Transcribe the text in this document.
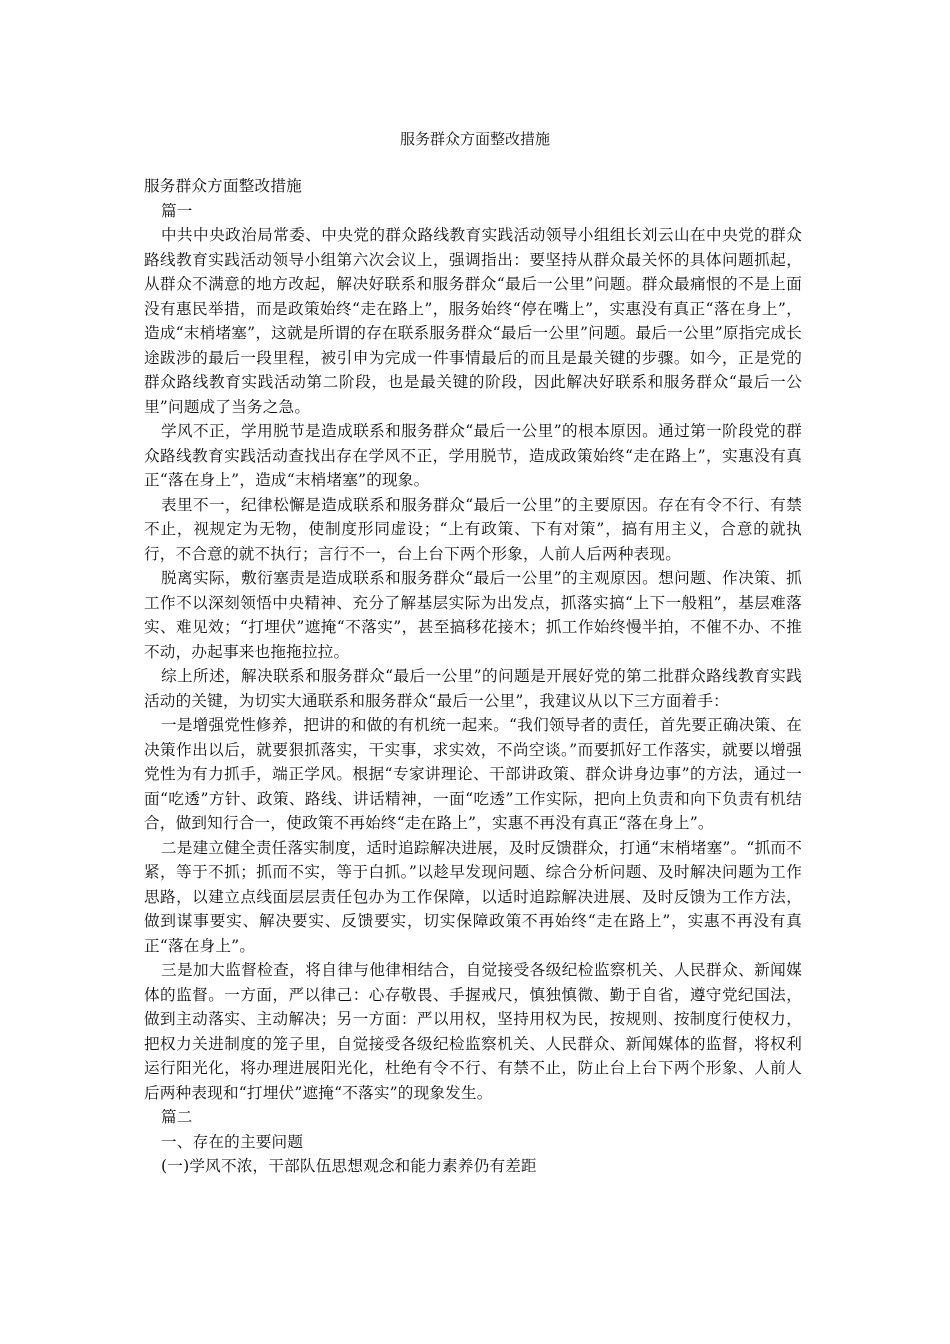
服务群众方面整改措施

服务群众方面整改措施

篇一

中共中央政治局常委、中央党的群众路线教育实践活动领导小组组长刘云山在中央党的群众路线教育实践活动领导小组第六次会议上，强调指出：要坚持从群众最关怀的具体问题抓起，从群众不满意的地方改起，解决好联系和服务群众“最后一公里”问题。群众最痛恨的不是上面没有惠民举措，而是政策始终“走在路上”，服务始终“停在嘴上”，实惠没有真正“落在身上”，造成“末梢堵塞”，这就是所谓的存在联系服务群众“最后一公里”问题。最后一公里”原指完成长途跋涉的最后一段里程，被引申为完成一件事情最后的而且是最关键的步骤。如今，正是党的群众路线教育实践活动第二阶段，也是最关键的阶段，因此解决好联系和服务群众“最后一公里”问题成了当务之急。

学风不正，学用脱节是造成联系和服务群众“最后一公里”的根本原因。通过第一阶段党的群众路线教育实践活动查找出存在学风不正，学用脱节，造成政策始终“走在路上”，实惠没有真正“落在身上”，造成“末梢堵塞”的现象。

表里不一，纪律松懈是造成联系和服务群众“最后一公里”的主要原因。存在有令不行、有禁不止，视规定为无物，使制度形同虚设；“上有政策、下有对策”，搞有用主义，合意的就执行，不合意的就不执行；言行不一，台上台下两个形象，人前人后两种表现。

脱离实际，敷衍塞责是造成联系和服务群众“最后一公里”的主观原因。想问题、作决策、抓工作不以深刻领悟中央精神、充分了解基层实际为出发点，抓落实搞“上下一般粗”，基层难落实、难见效；“打埋伏”遮掩“不落实”，甚至搞移花接木；抓工作始终慢半拍，不催不办、不推不动，办起事来也拖拖拉拉。

综上所述，解决联系和服务群众“最后一公里”的问题是开展好党的第二批群众路线教育实践活动的关键，为切实大通联系和服务群众“最后一公里”，我建议从以下三方面着手：

一是增强党性修养，把讲的和做的有机统一起来。“我们领导者的责任，首先要正确决策、在决策作出以后，就要狠抓落实，干实事，求实效，不尚空谈。”而要抓好工作落实，就要以增强党性为有力抓手，端正学风。根据“专家讲理论、干部讲政策、群众讲身边事”的方法，通过一面“吃透”方针、政策、路线、讲话精神，一面“吃透”工作实际，把向上负责和向下负责有机结合，做到知行合一，使政策不再始终“走在路上”，实惠不再没有真正“落在身上”。

二是建立健全责任落实制度，适时追踪解决进展，及时反馈群众，打通“末梢堵塞”。“抓而不紧，等于不抓；抓而不实，等于白抓。”以趁早发现问题、综合分析问题、及时解决问题为工作思路，以建立点线面层层责任包办为工作保障，以适时追踪解决进展、及时反馈为工作方法，做到谋事要实、解决要实、反馈要实，切实保障政策不再始终“走在路上”，实惠不再没有真正“落在身上”。

三是加大监督检查，将自律与他律相结合，自觉接受各级纪检监察机关、人民群众、新闻媒体的监督。一方面，严以律己：心存敬畏、手握戒尺，慎独慎微、勤于自省，遵守党纪国法，做到主动落实、主动解决；另一方面：严以用权，坚持用权为民，按规则、按制度行使权力，把权力关进制度的笼子里，自觉接受各级纪检监察机关、人民群众、新闻媒体的监督，将权利运行阳光化，将办理进展阳光化，杜绝有令不行、有禁不止，防止台上台下两个形象、人前人后两种表现和“打埋伏”遮掩“不落实”的现象发生。

篇二

一、存在的主要问题

(一)学风不浓，干部队伍思想观念和能力素养仍有差距
